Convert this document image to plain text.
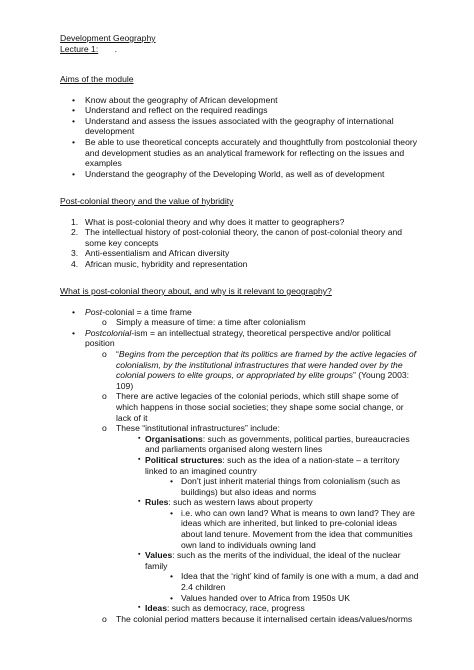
Development Geography
Lecture 1: .
Aims of the module
• Know about the geography of African development
• Understand and reflect on the required readings
• Understand and assess the issues associated with the geography of international development
• Be able to use theoretical concepts accurately and thoughtfully from postcolonial theory and development studies as an analytical framework for reflecting on the issues and examples
• Understand the geography of the Developing World, as well as of development
Post-colonial theory and the value of hybridity
1. What is post-colonial theory and why does it matter to geographers?
2. The intellectual history of post-colonial theory, the canon of post-colonial theory and some key concepts
3. Anti-essentialism and African diversity
4. African music, hybridity and representation
What is post-colonial theory about, and why is it relevant to geography?
• Post-colonial = a time frame
o Simply a measure of time: a time after colonialism
• Postcolonial-ism = an intellectual strategy, theoretical perspective and/or political position
o “Begins from the perception that its politics are framed by the active legacies of colonialism, by the institutional infrastructures that were handed over by the colonial powers to elite groups, or appropriated by elite groups” (Young 2003: 109)
o There are active legacies of the colonial periods, which still shape some of which happens in those social societies; they shape some social change, or lack of it
o These “institutional infrastructures” include:
▪ Organisations: such as governments, political parties, bureaucracies and parliaments organised along western lines
▪ Political structures: such as the idea of a nation-state – a territory linked to an imagined country
• Don’t just inherit material things from colonialism (such as buildings) but also ideas and norms
▪ Rules: such as western laws about property
• i.e. who can own land? What is means to own land? They are ideas which are inherited, but linked to pre-colonial ideas about land tenure. Movement from the idea that communities own land to individuals owning land
▪ Values: such as the merits of the individual, the ideal of the nuclear family
• Idea that the ‘right’ kind of family is one with a mum, a dad and 2.4 children
• Values handed over to Africa from 1950s UK
▪ Ideas: such as democracy, race, progress
o The colonial period matters because it internalised certain ideas/values/norms
